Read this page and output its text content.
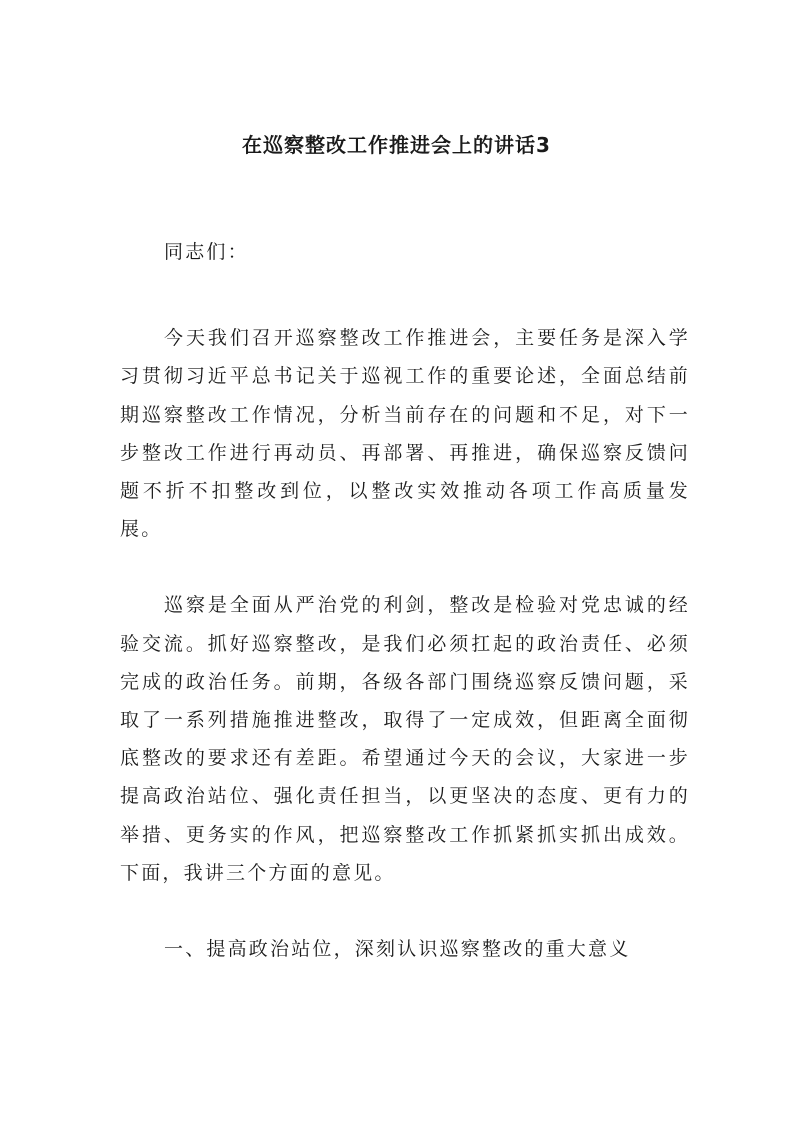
在巡察整改工作推进会上的讲话3

同志们：

今天我们召开巡察整改工作推进会，主要任务是深入学习贯彻习近平总书记关于巡视工作的重要论述，全面总结前期巡察整改工作情况，分析当前存在的问题和不足，对下一步整改工作进行再动员、再部署、再推进，确保巡察反馈问题不折不扣整改到位，以整改实效推动各项工作高质量发展。

巡察是全面从严治党的利剑，整改是检验对党忠诚的经验交流。抓好巡察整改，是我们必须扛起的政治责任、必须完成的政治任务。前期，各级各部门围绕巡察反馈问题，采取了一系列措施推进整改，取得了一定成效，但距离全面彻底整改的要求还有差距。希望通过今天的会议，大家进一步提高政治站位、强化责任担当，以更坚决的态度、更有力的举措、更务实的作风，把巡察整改工作抓紧抓实抓出成效。下面，我讲三个方面的意见。

一、提高政治站位，深刻认识巡察整改的重大意义
